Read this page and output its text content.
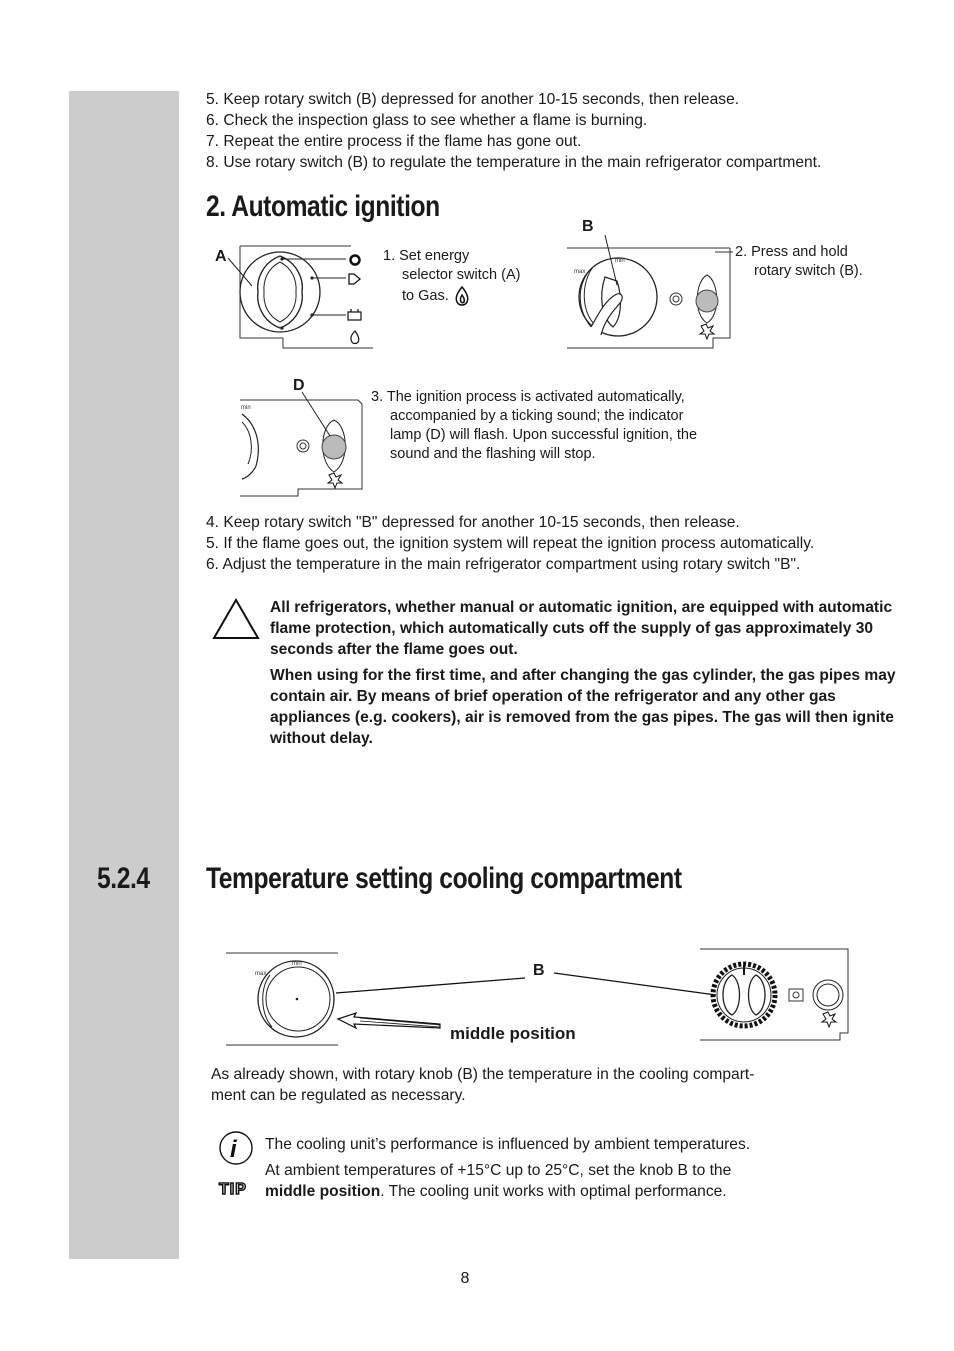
5. Keep rotary switch (B) depressed for another 10-15 seconds, then release.
6. Check the inspection glass to see whether a flame is burning.
7. Repeat the entire process if the flame has gone out.
8. Use rotary switch (B) to regulate the temperature in the main refrigerator compartment.
2. Automatic ignition
A	1. Set energy
selector switch (A)
to Gas.
B
min
max
2. Press and hold
rotary switch (B).
D
min
3. The ignition process is activated automatically,
accompanied by a ticking sound; the indicator
lamp (D) will flash. Upon successful ignition, the
sound and the flashing will stop.
4. Keep rotary switch "B" depressed for another 10-15 seconds, then release.
5. If the flame goes out, the ignition system will repeat the ignition process automatically.
6. Adjust the temperature in the main refrigerator compartment using rotary switch "B".

All refrigerators, whether manual or automatic ignition, are equipped with automatic flame protection, which automatically cuts off the supply of gas approximately 30 seconds after the flame goes out.

When using for the first time, and after changing the gas cylinder, the gas pipes may contain air. By means of brief operation of the refrigerator and any other gas appliances (e.g. cookers), air is removed from the gas pipes. The gas will then ignite without delay.

5.2.4 Temperature setting cooling compartment
min
max	B
middle position
As already shown, with rotary knob (B) the temperature in the cooling compart-
ment can be regulated as necessary.
i
TIP
The cooling unit’s performance is influenced by ambient temperatures.
At ambient temperatures of +15°C up to 25°C, set the knob B to the
middle position. The cooling unit works with optimal performance.
8
